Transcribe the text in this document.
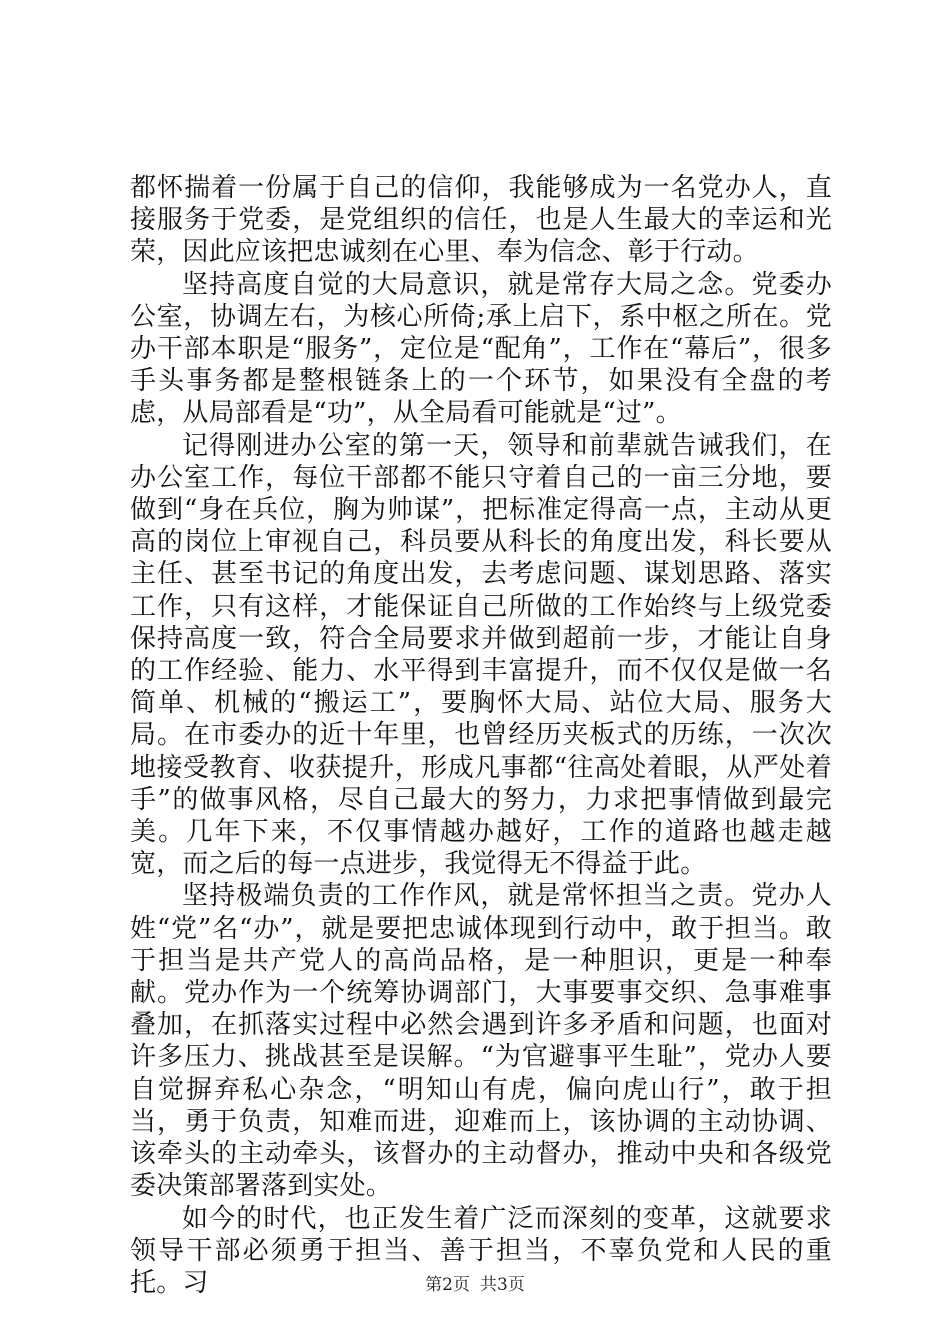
都怀揣着一份属于自己的信仰，我能够成为一名党办人，直接服务于党委，是党组织的信任，也是人生最大的幸运和光荣，因此应该把忠诚刻在心里、奉为信念、彰于行动。

坚持高度自觉的大局意识，就是常存大局之念。党委办公室，协调左右，为核心所倚;承上启下，系中枢之所在。党办干部本职是“服务”，定位是“配角”，工作在“幕后”，很多手头事务都是整根链条上的一个环节，如果没有全盘的考虑，从局部看是“功”，从全局看可能就是“过”。

记得刚进办公室的第一天，领导和前辈就告诫我们，在办公室工作，每位干部都不能只守着自己的一亩三分地，要做到“身在兵位，胸为帅谋”，把标准定得高一点，主动从更高的岗位上审视自己，科员要从科长的角度出发，科长要从主任、甚至书记的角度出发，去考虑问题、谋划思路、落实工作，只有这样，才能保证自己所做的工作始终与上级党委保持高度一致，符合全局要求并做到超前一步，才能让自身的工作经验、能力、水平得到丰富提升，而不仅仅是做一名简单、机械的“搬运工”，要胸怀大局、站位大局、服务大局。在市委办的近十年里，也曾经历夹板式的历练，一次次地接受教育、收获提升，形成凡事都“往高处着眼，从严处着手”的做事风格，尽自己最大的努力，力求把事情做到最完美。几年下来，不仅事情越办越好，工作的道路也越走越宽，而之后的每一点进步，我觉得无不得益于此。

坚持极端负责的工作作风，就是常怀担当之责。党办人姓“党”名“办”，就是要把忠诚体现到行动中，敢于担当。敢于担当是共产党人的高尚品格，是一种胆识，更是一种奉献。党办作为一个统筹协调部门，大事要事交织、急事难事叠加，在抓落实过程中必然会遇到许多矛盾和问题，也面对许多压力、挑战甚至是误解。“为官避事平生耻”，党办人要自觉摒弃私心杂念，“明知山有虎，偏向虎山行”，敢于担当，勇于负责，知难而进，迎难而上，该协调的主动协调、该牵头的主动牵头，该督办的主动督办，推动中央和各级党委决策部署落到实处。

如今的时代，也正发生着广泛而深刻的变革，这就要求领导干部必须勇于担当、善于担当，不辜负党和人民的重托。习	第2页 共3页
